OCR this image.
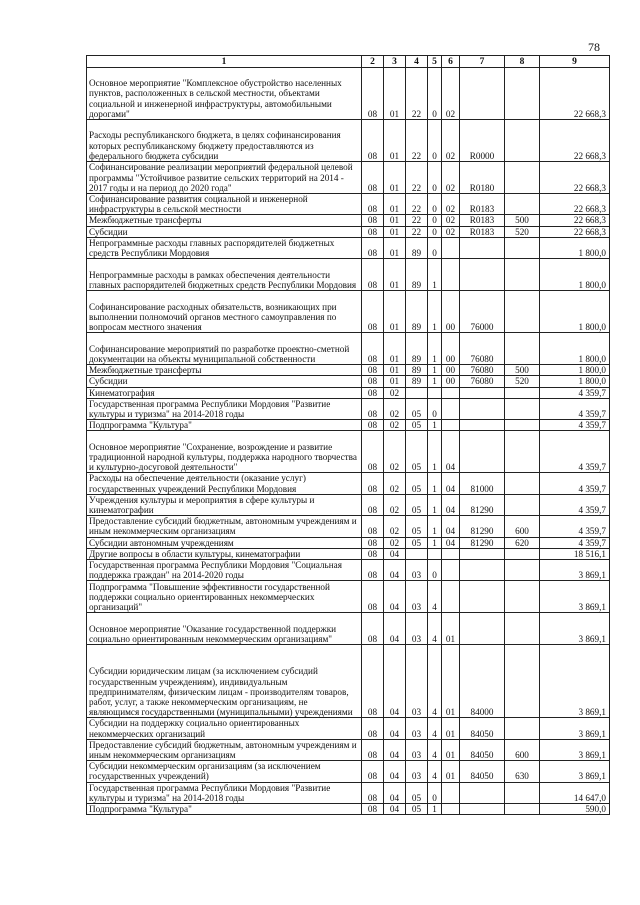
78
1	2	3	4	5	6	7	8	9
Основное мероприятие "Комплексное обустройство населенных пунктов, расположенных в сельской местности, объектами социальной и инженерной инфраструктуры, автомобильными дорогами"	08	01	22	0	02			22 668,3
Расходы республиканского бюджета, в целях софинансирования которых республиканскому бюджету предоставляются из федерального бюджета субсидии	08	01	22	0	02	R0000		22 668,3
Софинансирование реализации мероприятий федеральной целевой программы "Устойчивое развитие сельских территорий на 2014 - 2017 годы и на период до 2020 года"	08	01	22	0	02	R0180		22 668,3
Софинансирование развития социальной и инженерной инфраструктуры в сельской местности	08	01	22	0	02	R0183		22 668,3
Межбюджетные трансферты	08	01	22	0	02	R0183	500	22 668,3
Субсидии	08	01	22	0	02	R0183	520	22 668,3
Непрограммные расходы главных распорядителей бюджетных средств Республики Мордовия	08	01	89	0				1 800,0
Непрограммные расходы в рамках обеспечения деятельности главных распорядителей бюджетных средств Республики Мордовия	08	01	89	1				1 800,0
Софинансирование расходных обязательств, возникающих при выполнении полномочий органов местного самоуправления по вопросам местного значения	08	01	89	1	00	76000		1 800,0
Софинансирование мероприятий по разработке проектно-сметной документации на объекты муниципальной собственности	08	01	89	1	00	76080		1 800,0
Межбюджетные трансферты	08	01	89	1	00	76080	500	1 800,0
Субсидии	08	01	89	1	00	76080	520	1 800,0
Кинематография	08	02						4 359,7
Государственная программа Республики Мордовия "Развитие культуры и туризма" на 2014-2018 годы	08	02	05	0				4 359,7
Подпрограмма "Культура"	08	02	05	1				4 359,7
Основное мероприятие "Сохранение, возрождение и развитие традиционной народной культуры, поддержка народного творчества и культурно-досуговой деятельности"	08	02	05	1	04			4 359,7
Расходы на обеспечение деятельности (оказание услуг) государственных учреждений Республики Мордовия	08	02	05	1	04	81000		4 359,7
Учреждения культуры и мероприятия в сфере культуры и кинематографии	08	02	05	1	04	81290		4 359,7
Предоставление субсидий бюджетным, автономным учреждениям и иным некоммерческим организациям	08	02	05	1	04	81290	600	4 359,7
Субсидии автономным учреждениям	08	02	05	1	04	81290	620	4 359,7
Другие вопросы в области культуры, кинематографии	08	04						18 516,1
Государственная программа Республики Мордовия "Социальная поддержка граждан" на 2014-2020 годы	08	04	03	0				3 869,1
Подпрограмма "Повышение эффективности государственной поддержки социально ориентированных некоммерческих организаций"	08	04	03	4				3 869,1
Основное мероприятие "Оказание государственной поддержки социально ориентированным некоммерческим организациям"	08	04	03	4	01			3 869,1
Субсидии юридическим лицам (за исключением субсидий государственным учреждениям), индивидуальным предпринимателям, физическим лицам - производителям товаров, работ, услуг, а также некоммерческим организациям, не являющимся государственными (муниципальными) учреждениями	08	04	03	4	01	84000		3 869,1
Субсидии на поддержку социально ориентированных некоммерческих организаций	08	04	03	4	01	84050		3 869,1
Предоставление субсидий бюджетным, автономным учреждениям и иным некоммерческим организациям	08	04	03	4	01	84050	600	3 869,1
Субсидии некоммерческим организациям (за исключением государственных учреждений)	08	04	03	4	01	84050	630	3 869,1
Государственная программа Республики Мордовия "Развитие культуры и туризма" на 2014-2018 годы	08	04	05	0				14 647,0
Подпрограмма "Культура"	08	04	05	1				590,0
